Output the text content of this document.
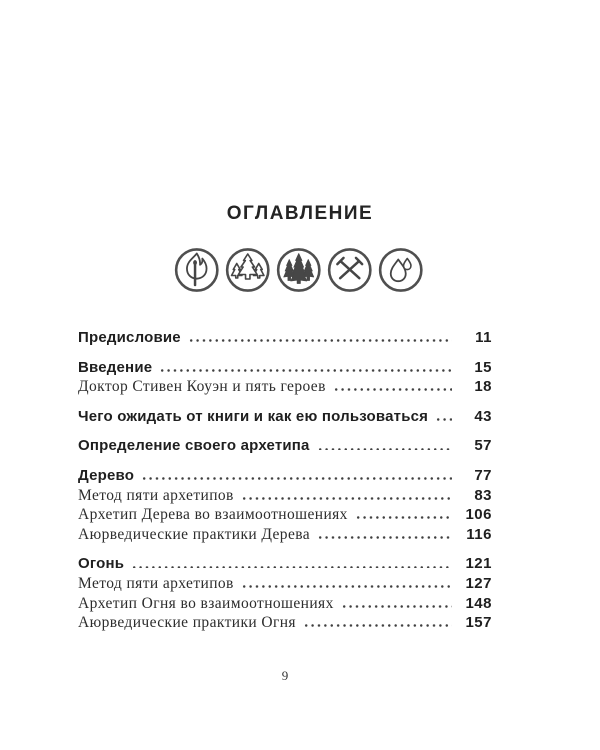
ОГЛАВЛЕНИЕ
Предисловие	11
Введение	15
Доктор Стивен Коуэн и пять героев	18
Чего ожидать от книги и как ею пользоваться	43
Определение своего архетипа	57
Дерево	77
Метод пяти архетипов	83
Архетип Дерева во взаимоотношениях	106
Аюрведические практики Дерева	116
Огонь	121
Метод пяти архетипов	127
Архетип Огня во взаимоотношениях	148
Аюрведические практики Огня	157
9
